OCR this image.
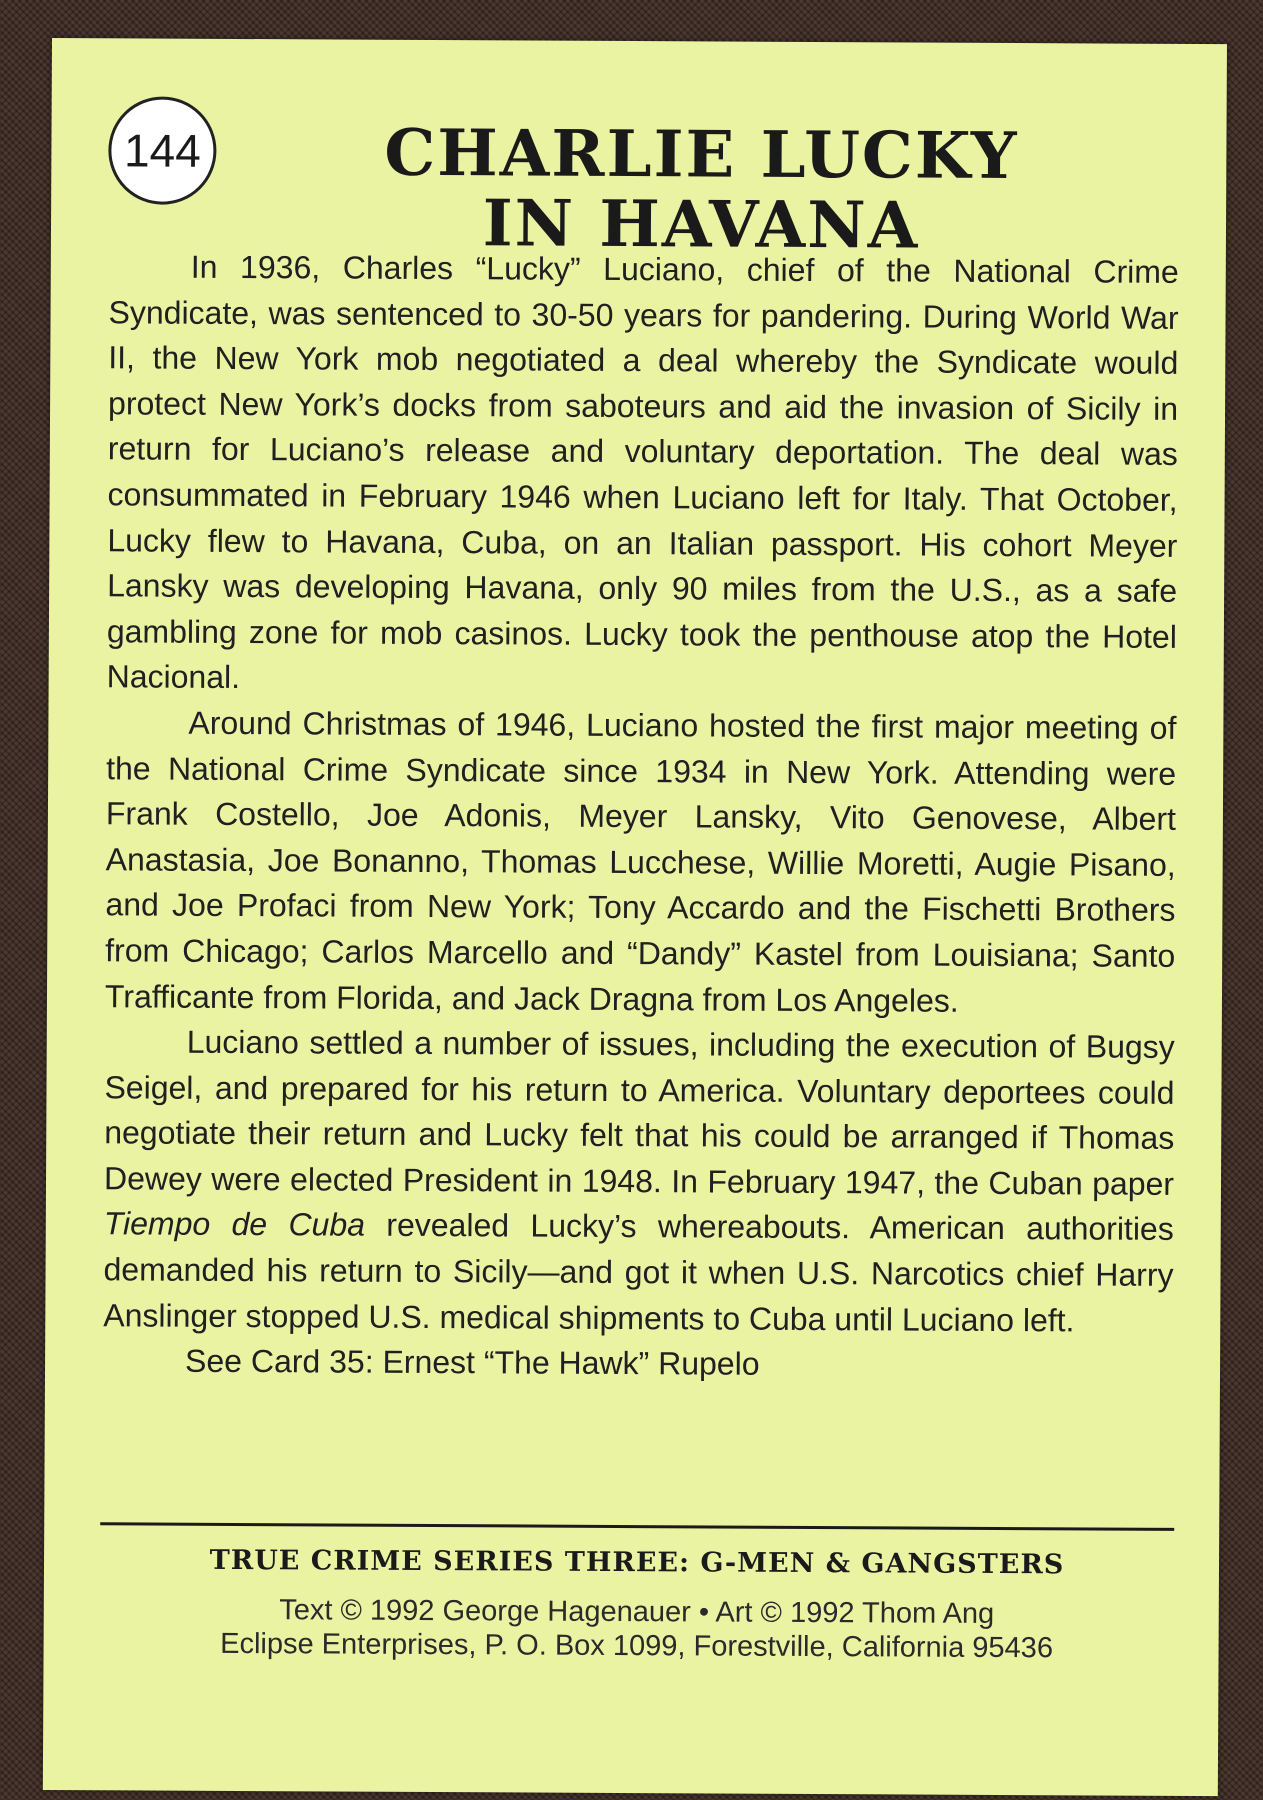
144	CHARLIE LUCKY
IN HAVANA

In 1936, Charles “Lucky” Luciano, chief of the National Crime Syndicate, was sentenced to 30-50 years for pandering. During World War II, the New York mob negotiated a deal whereby the Syndicate would protect New York’s docks from saboteurs and aid the invasion of Sicily in return for Luciano’s release and voluntary deportation. The deal was consummated in February 1946 when Luciano left for Italy. That October, Lucky flew to Havana, Cuba, on an Italian passport. His cohort Meyer Lansky was developing Havana, only 90 miles from the U.S., as a safe gambling zone for mob casinos. Lucky took the penthouse atop the Hotel Nacional.

Around Christmas of 1946, Luciano hosted the first major meeting of the National Crime Syndicate since 1934 in New York. Attending were Frank Costello, Joe Adonis, Meyer Lansky, Vito Genovese, Albert Anastasia, Joe Bonanno, Thomas Lucchese, Willie Moretti, Augie Pisano, and Joe Profaci from New York; Tony Accardo and the Fischetti Brothers from Chicago; Carlos Marcello and “Dandy” Kastel from Louisiana; Santo Trafficante from Florida, and Jack Dragna from Los Angeles.

Luciano settled a number of issues, including the execution of Bugsy Seigel, and prepared for his return to America. Voluntary deportees could negotiate their return and Lucky felt that his could be arranged if Thomas Dewey were elected President in 1948. In February 1947, the Cuban paper Tiempo de Cuba revealed Lucky’s whereabouts. American authorities demanded his return to Sicily—and got it when U.S. Narcotics chief Harry Anslinger stopped U.S. medical shipments to Cuba until Luciano left.

See Card 35: Ernest “The Hawk” Rupelo

TRUE CRIME SERIES THREE: G-MEN & GANGSTERS
Text © 1992 George Hagenauer • Art © 1992 Thom Ang
Eclipse Enterprises, P. O. Box 1099, Forestville, California 95436
